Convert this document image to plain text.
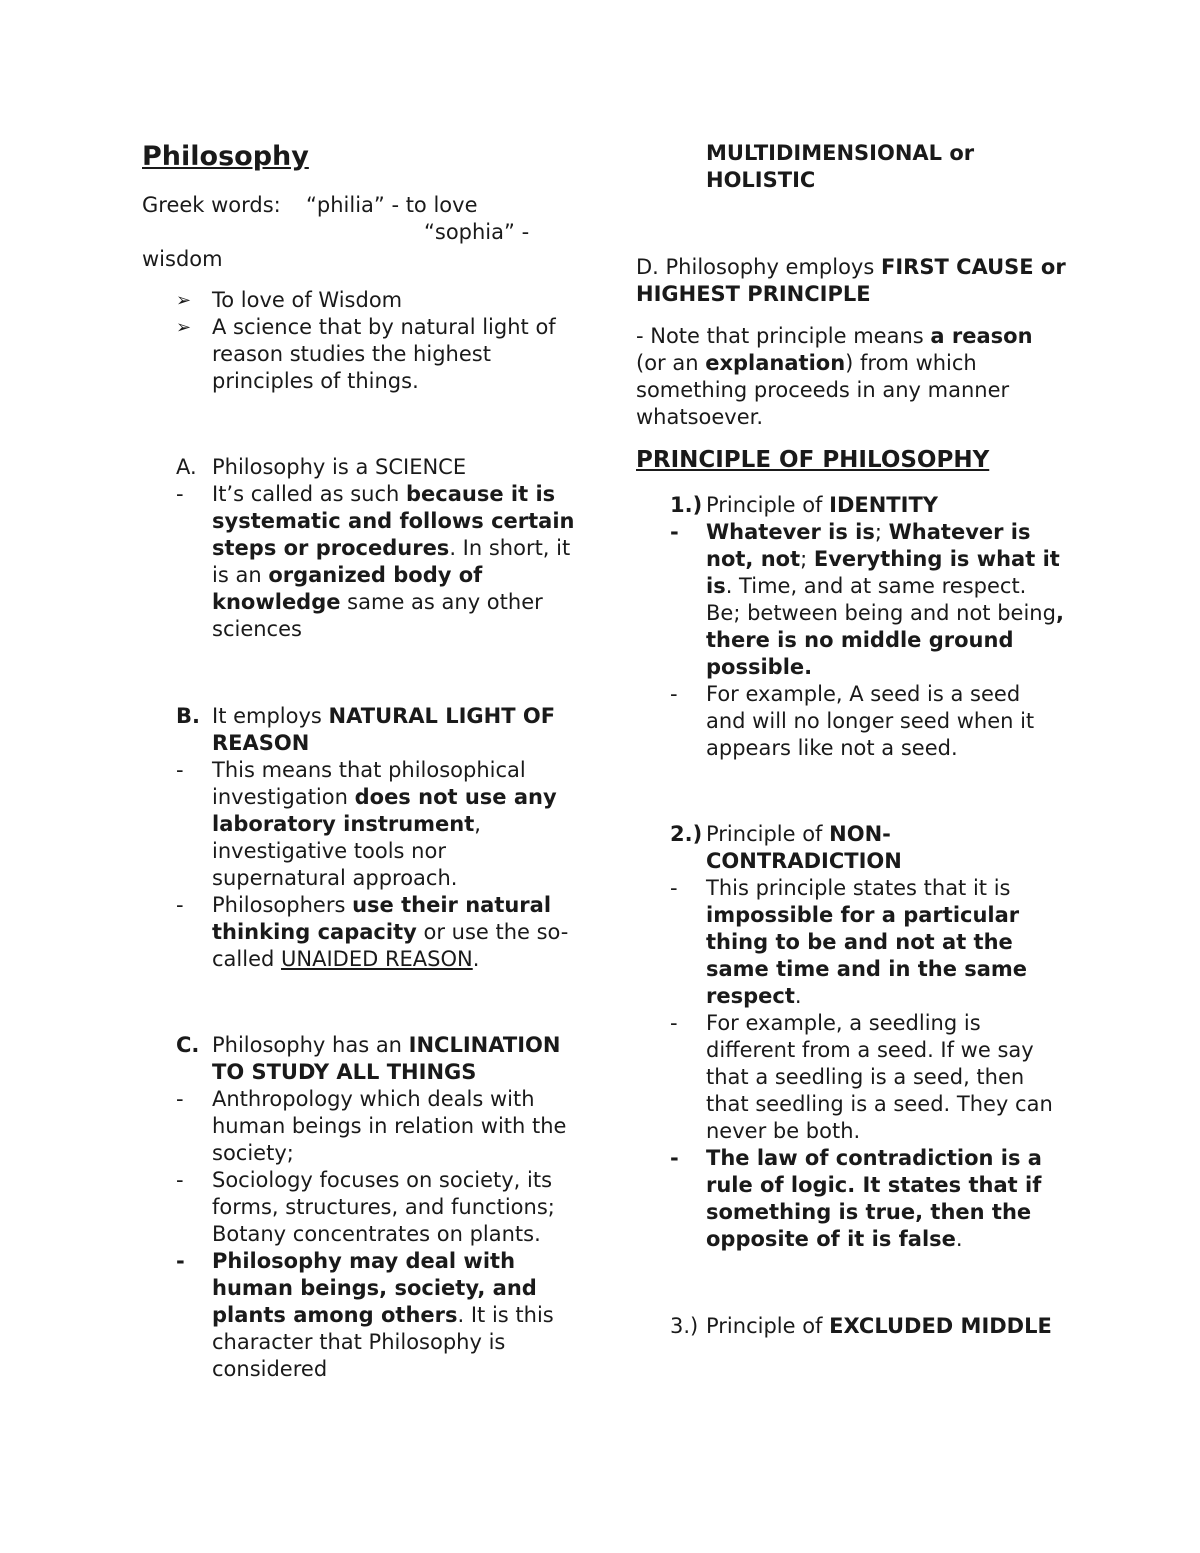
Philosophy
Greek words: “philia” - to love
“sophia” -
wisdom
➢ To love of Wisdom
➢ A science that by natural light of reason studies the highest principles of things.
A. Philosophy is a SCIENCE
- It’s called as such because it is systematic and follows certain steps or procedures. In short, it is an organized body of knowledge same as any other sciences
B. It employs NATURAL LIGHT OF REASON
- This means that philosophical investigation does not use any laboratory instrument, investigative tools nor supernatural approach.
- Philosophers use their natural thinking capacity or use the so-called UNAIDED REASON.
C. Philosophy has an INCLINATION TO STUDY ALL THINGS
- Anthropology which deals with human beings in relation with the society;
- Sociology focuses on society, its forms, structures, and functions; Botany concentrates on plants.
- Philosophy may deal with human beings, society, and plants among others. It is this character that Philosophy is considered
MULTIDIMENSIONAL or HOLISTIC
D. Philosophy employs FIRST CAUSE or HIGHEST PRINCIPLE
- Note that principle means a reason (or an explanation) from which something proceeds in any manner whatsoever.
PRINCIPLE OF PHILOSOPHY
1.) Principle of IDENTITY
- Whatever is is; Whatever is not, not; Everything is what it is. Time, and at same respect. Be; between being and not being, there is no middle ground possible.
- For example, A seed is a seed and will no longer seed when it appears like not a seed.
2.) Principle of NON-CONTRADICTION
- This principle states that it is impossible for a particular thing to be and not at the same time and in the same respect.
- For example, a seedling is different from a seed. If we say that a seedling is a seed, then that seedling is a seed. They can never be both.
- The law of contradiction is a rule of logic. It states that if something is true, then the opposite of it is false.
3.) Principle of EXCLUDED MIDDLE
